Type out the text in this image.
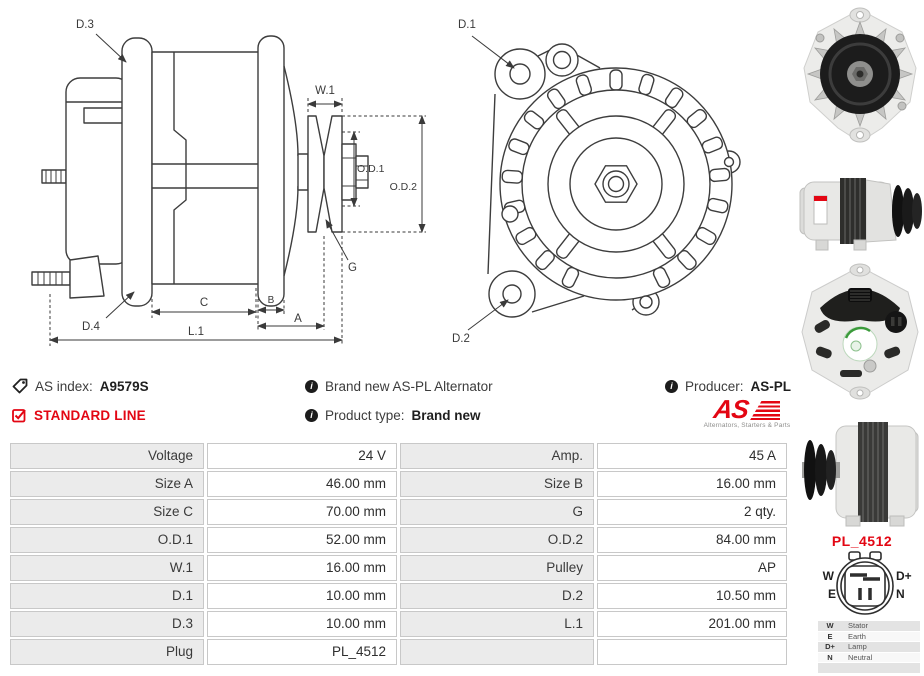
D.3
W.1
O.D.1
O.D.2
G
D.4
C	B
A
L.1
D.1
D.2
AS index: A9579S
STANDARD LINE
i Brand new AS-PL Alternator
i Product type: Brand new
i Producer: AS-PL
AS
Alternators, Starters & Parts
Voltage	24 V	Amp.	45 A
Size A	46.00 mm	Size B	16.00 mm
Size C	70.00 mm	G	2 qty.
O.D.1	52.00 mm	O.D.2	84.00 mm
W.1	16.00 mm	Pulley	AP
D.1	10.00 mm	D.2	10.50 mm
D.3	10.00 mm	L.1	201.00 mm
Plug	PL_4512
PL_4512
W
E
D+
N
W	Stator
E	Earth
D+	Lamp
N	Neutral
